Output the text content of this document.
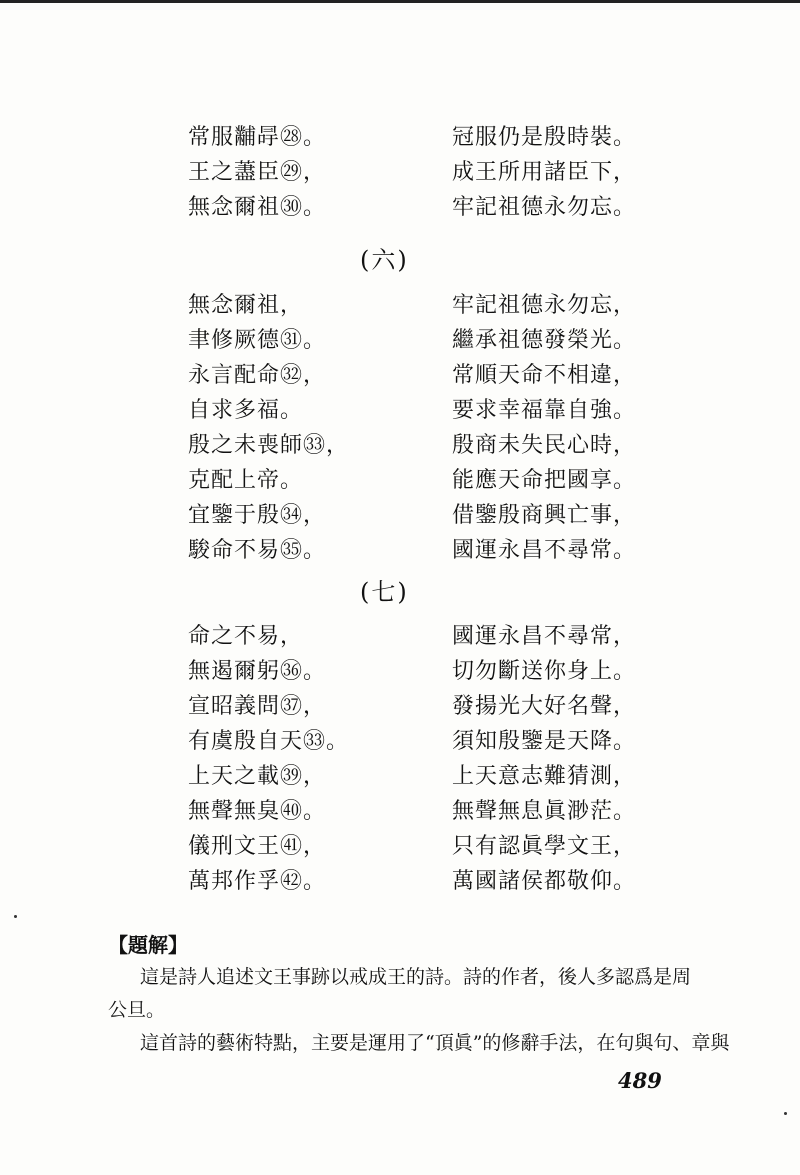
常服黼冔㉘。	冠服仍是殷時裝。
王之藎臣㉙，	成王所用諸臣下，
無念爾祖㉚。	牢記祖德永勿忘。
(六)
無念爾祖，	牢記祖德永勿忘，
聿修厥德㉛。	繼承祖德發榮光。
永言配命㉜，	常順天命不相違，
自求多福。	要求幸福靠自強。
殷之未喪師㉝，	殷商未失民心時，
克配上帝。	能應天命把國享。
宜鑒于殷㉞，	借鑒殷商興亡事，
駿命不易㉟。	國運永昌不尋常。
(七)
命之不易，	國運永昌不尋常，
無遏爾躬㊱。	切勿斷送你身上。
宣昭義問㊲，	發揚光大好名聲，
有虞殷自天㉝。	須知殷鑒是天降。
上天之載㊴，	上天意志難猜測，
無聲無臭㊵。	無聲無息眞渺茫。
儀刑文王㊶，	只有認眞學文王，
萬邦作孚㊷。	萬國諸侯都敬仰。
【題解】
這是詩人追述文王事跡以戒成王的詩。詩的作者，後人多認爲是周
公旦。
這首詩的藝術特點，主要是運用了“頂眞”的修辭手法，在句與句、章與
489
